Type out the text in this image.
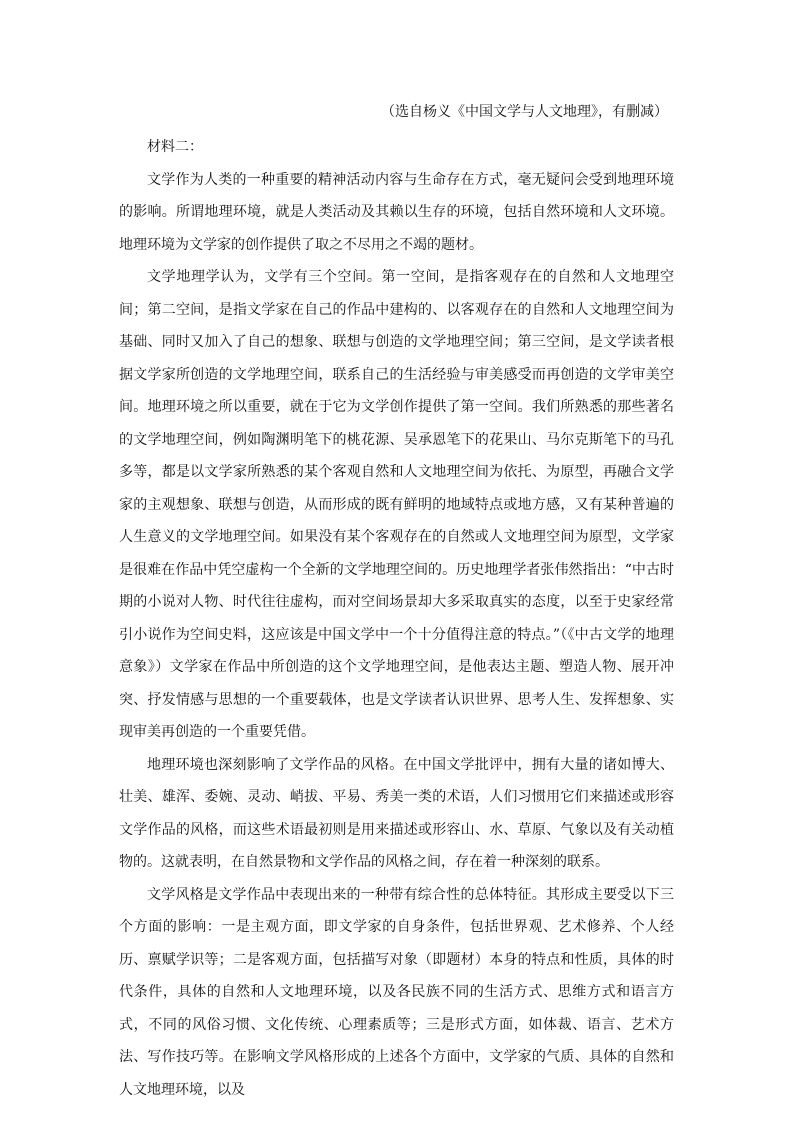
（选自杨义《中国文学与人文地理》，有删减）

材料二：

文学作为人类的一种重要的精神活动内容与生命存在方式，毫无疑问会受到地理环境的影响。所谓地理环境，就是人类活动及其赖以生存的环境，包括自然环境和人文环境。地理环境为文学家的创作提供了取之不尽用之不竭的题材。

文学地理学认为，文学有三个空间。第一空间，是指客观存在的自然和人文地理空间；第二空间，是指文学家在自己的作品中建构的、以客观存在的自然和人文地理空间为基础、同时又加入了自己的想象、联想与创造的文学地理空间；第三空间，是文学读者根据文学家所创造的文学地理空间，联系自己的生活经验与审美感受而再创造的文学审美空间。地理环境之所以重要，就在于它为文学创作提供了第一空间。我们所熟悉的那些著名的文学地理空间，例如陶渊明笔下的桃花源、吴承恩笔下的花果山、马尔克斯笔下的马孔多等，都是以文学家所熟悉的某个客观自然和人文地理空间为依托、为原型，再融合文学家的主观想象、联想与创造，从而形成的既有鲜明的地域特点或地方感，又有某种普遍的人生意义的文学地理空间。如果没有某个客观存在的自然或人文地理空间为原型，文学家是很难在作品中凭空虚构一个全新的文学地理空间的。历史地理学者张伟然指出：“中古时期的小说对人物、时代往往虚构，而对空间场景却大多采取真实的态度，以至于史家经常引小说作为空间史料，这应该是中国文学中一个十分值得注意的特点。”（《中古文学的地理意象》）文学家在作品中所创造的这个文学地理空间，是他表达主题、塑造人物、展开冲突、抒发情感与思想的一个重要载体，也是文学读者认识世界、思考人生、发挥想象、实现审美再创造的一个重要凭借。

地理环境也深刻影响了文学作品的风格。在中国文学批评中，拥有大量的诸如博大、壮美、雄浑、委婉、灵动、峭拔、平易、秀美一类的术语，人们习惯用它们来描述或形容文学作品的风格，而这些术语最初则是用来描述或形容山、水、草原、气象以及有关动植物的。这就表明，在自然景物和文学作品的风格之间，存在着一种深刻的联系。

文学风格是文学作品中表现出来的一种带有综合性的总体特征。其形成主要受以下三个方面的影响：一是主观方面，即文学家的自身条件，包括世界观、艺术修养、个人经历、禀赋学识等；二是客观方面，包括描写对象（即题材）本身的特点和性质，具体的时代条件，具体的自然和人文地理环境，以及各民族不同的生活方式、思维方式和语言方式，不同的风俗习惯、文化传统、心理素质等；三是形式方面，如体裁、语言、艺术方法、写作技巧等。在影响文学风格形成的上述各个方面中，文学家的气质、具体的自然和人文地理环境，以及
